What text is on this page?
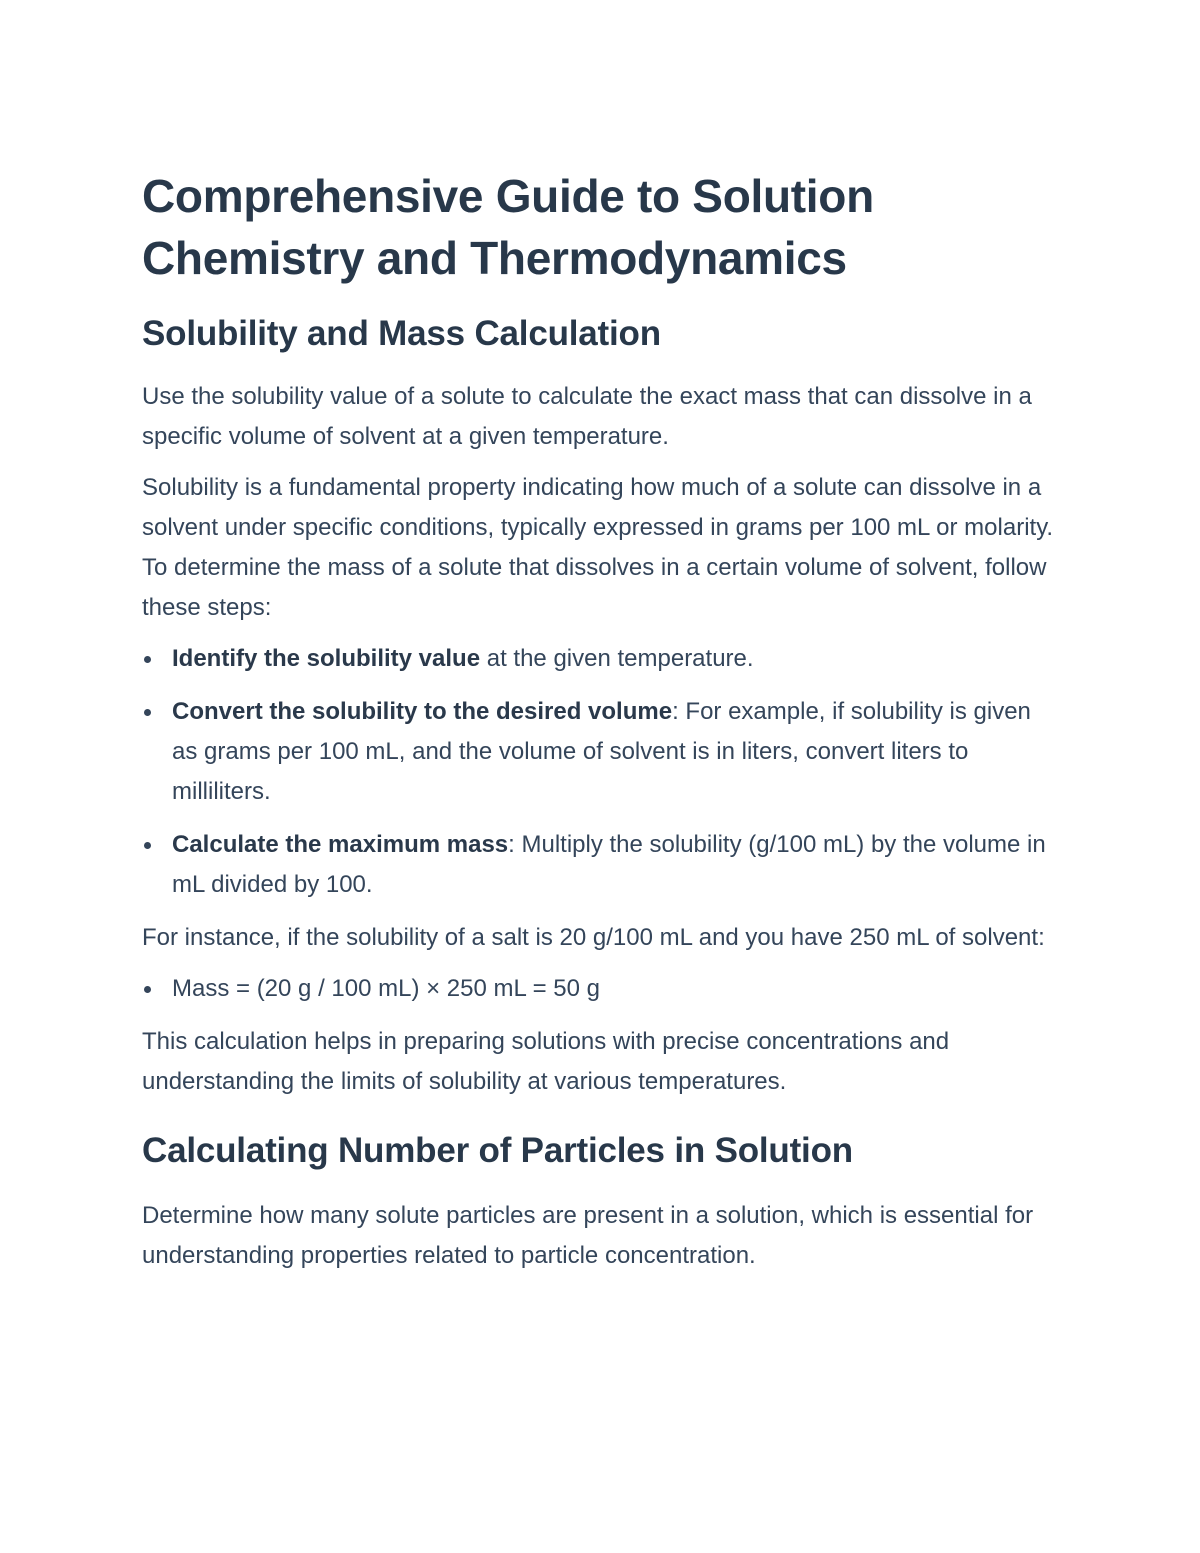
Comprehensive Guide to Solution
Chemistry and Thermodynamics
Solubility and Mass Calculation

Use the solubility value of a solute to calculate the exact mass that can dissolve in a specific volume of solvent at a given temperature.

Solubility is a fundamental property indicating how much of a solute can dissolve in a solvent under specific conditions, typically expressed in grams per 100 mL or molarity. To determine the mass of a solute that dissolves in a certain volume of solvent, follow these steps:

Identify the solubility value at the given temperature.
Convert the solubility to the desired volume: For example, if solubility is given as grams per 100 mL, and the volume of solvent is in liters, convert liters to milliliters.
Calculate the maximum mass: Multiply the solubility (g/100 mL) by the volume in mL divided by 100.

For instance, if the solubility of a salt is 20 g/100 mL and you have 250 mL of solvent:

Mass = (20 g / 100 mL) × 250 mL = 50 g

This calculation helps in preparing solutions with precise concentrations and understanding the limits of solubility at various temperatures.

Calculating Number of Particles in Solution

Determine how many solute particles are present in a solution, which is essential for understanding properties related to particle concentration.
